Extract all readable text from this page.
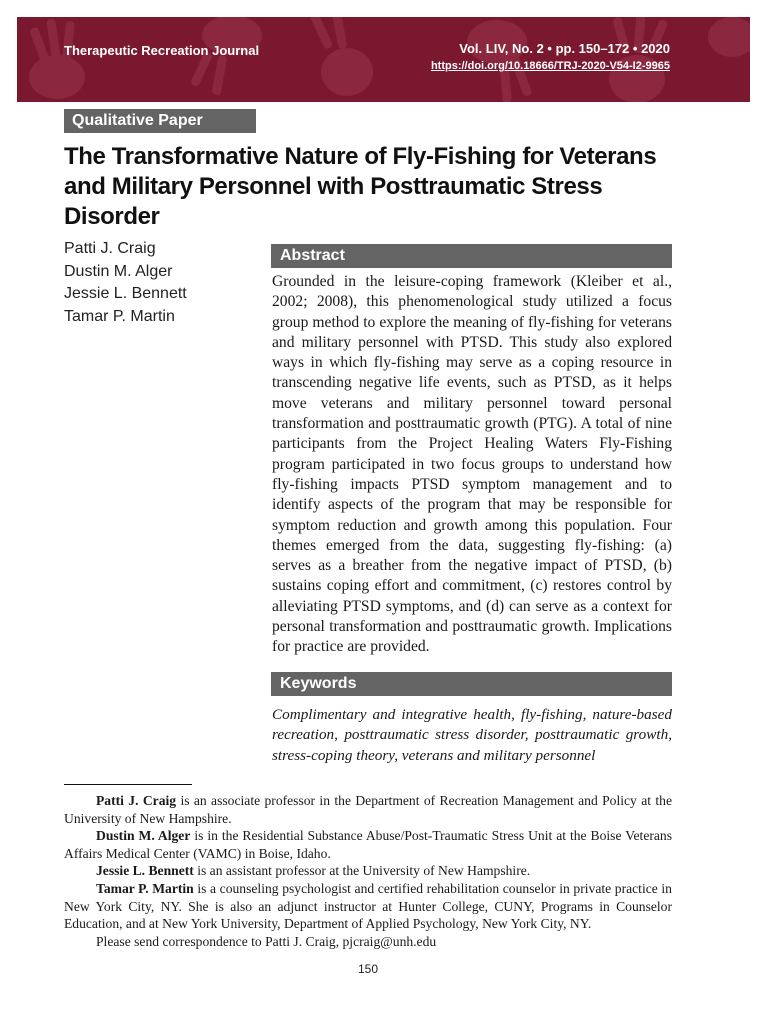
Therapeutic Recreation Journal	Vol. LIV, No. 2 • pp. 150–172 • 2020
https://doi.org/10.18666/TRJ-2020-V54-I2-9965
Qualitative Paper
The Transformative Nature of Fly-Fishing for Veterans and Military Personnel with Posttraumatic Stress Disorder
Patti J. Craig
Dustin M. Alger
Jessie L. Bennett
Tamar P. Martin
Abstract

Grounded in the leisure-coping framework (Kleiber et al., 2002; 2008), this phenomenological study utilized a focus group method to explore the meaning of fly-fishing for veterans and military personnel with PTSD. This study also explored ways in which fly-fishing may serve as a coping resource in transcending negative life events, such as PTSD, as it helps move veterans and military personnel toward personal transformation and posttraumatic growth (PTG). A total of nine participants from the Project Healing Waters Fly-Fishing program participated in two focus groups to understand how fly-fishing impacts PTSD symptom management and to identify aspects of the program that may be responsible for symptom reduction and growth among this population. Four themes emerged from the data, suggesting fly-fishing: (a) serves as a breather from the negative impact of PTSD, (b) sustains coping effort and commitment, (c) restores control by alleviating PTSD symptoms, and (d) can serve as a context for personal transformation and posttraumatic growth. Implications for practice are provided.

Keywords

Complimentary and integrative health, fly-fishing, nature-based recreation, posttraumatic stress disorder, posttraumatic growth, stress-coping theory, veterans and military personnel

Patti J. Craig is an associate professor in the Department of Recreation Management and Policy at the University of New Hampshire.

Dustin M. Alger is in the Residential Substance Abuse/Post-Traumatic Stress Unit at the Boise Veterans Affairs Medical Center (VAMC) in Boise, Idaho.

Jessie L. Bennett is an assistant professor at the University of New Hampshire.

Tamar P. Martin is a counseling psychologist and certified rehabilitation counselor in private practice in New York City, NY. She is also an adjunct instructor at Hunter College, CUNY, Programs in Counselor Education, and at New York University, Department of Applied Psychology, New York City, NY.

Please send correspondence to Patti J. Craig, pjcraig@unh.edu

150
